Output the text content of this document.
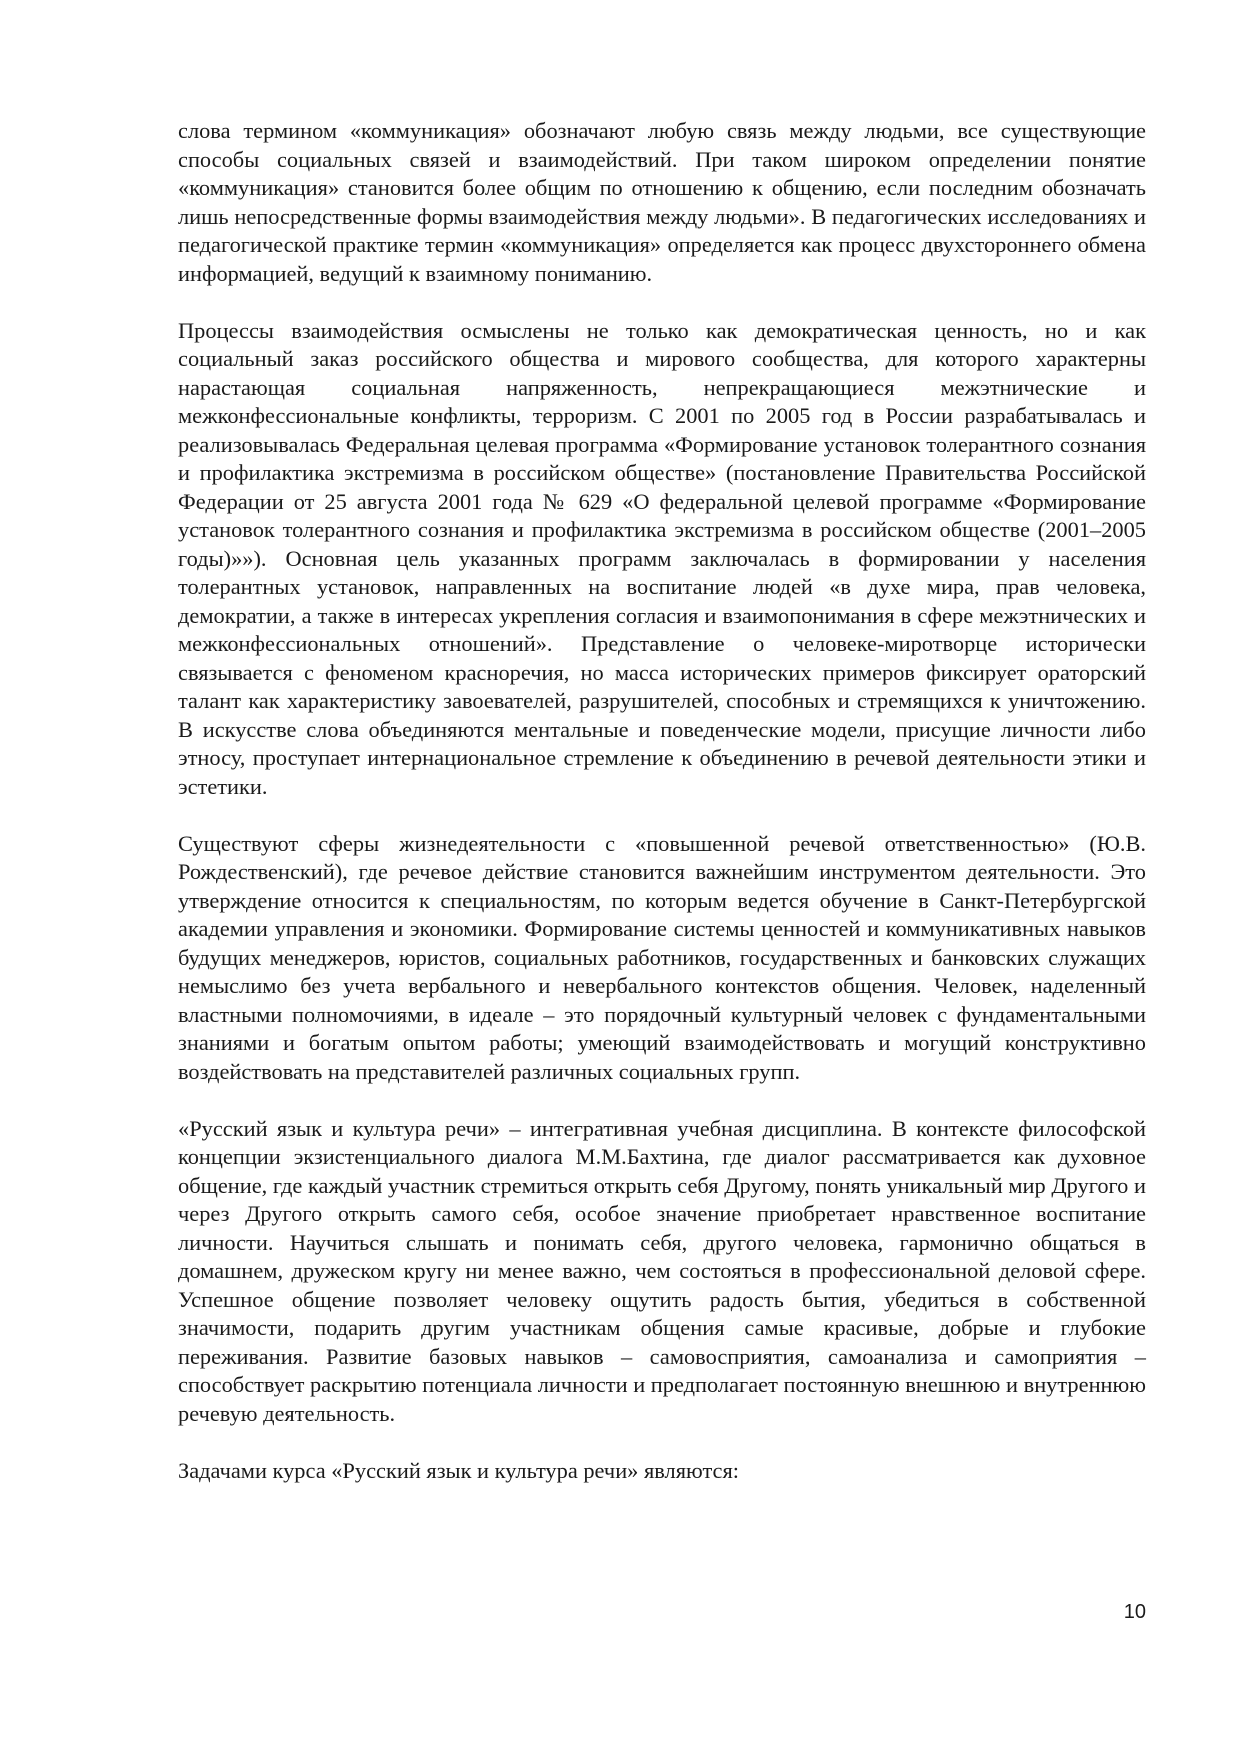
слова термином «коммуникация» обозначают любую связь между людьми, все существующие способы социальных связей и взаимодействий. При таком широком определении понятие «коммуникация» становится более общим по отношению к общению, если последним обозначать лишь непосредственные формы взаимодействия между людьми». В педагогических исследованиях и педагогической практике термин «коммуникация» определяется как процесс двухстороннего обмена информацией, ведущий к взаимному пониманию.

Процессы взаимодействия осмыслены не только как демократическая ценность, но и как социальный заказ российского общества и мирового сообщества, для которого характерны нарастающая социальная напряженность, непрекращающиеся межэтнические и межконфессиональные конфликты, терроризм. С 2001 по 2005 год в России разрабатывалась и реализовывалась Федеральная целевая программа «Формирование установок толерантного сознания и профилактика экстремизма в российском обществе» (постановление Правительства Российской Федерации от 25 августа 2001 года № 629 «О федеральной целевой программе «Формирование установок толерантного сознания и профилактика экстремизма в российском обществе (2001–2005 годы)»»). Основная цель указанных программ заключалась в формировании у населения толерантных установок, направленных на воспитание людей «в духе мира, прав человека, демократии, а также в интересах укрепления согласия и взаимопонимания в сфере межэтнических и межконфессиональных отношений». Представление о человеке-миротворце исторически связывается с феноменом красноречия, но масса исторических примеров фиксирует ораторский талант как характеристику завоевателей, разрушителей, способных и стремящихся к уничтожению. В искусстве слова объединяются ментальные и поведенческие модели, присущие личности либо этносу, проступает интернациональное стремление к объединению в речевой деятельности этики и эстетики.

Существуют сферы жизнедеятельности с «повышенной речевой ответственностью» (Ю.В. Рождественский), где речевое действие становится важнейшим инструментом деятельности. Это утверждение относится к специальностям, по которым ведется обучение в Санкт-Петербургской академии управления и экономики. Формирование системы ценностей и коммуникативных навыков будущих менеджеров, юристов, социальных работников, государственных и банковских служащих немыслимо без учета вербального и невербального контекстов общения. Человек, наделенный властными полномочиями, в идеале – это порядочный культурный человек с фундаментальными знаниями и богатым опытом работы; умеющий взаимодействовать и могущий конструктивно воздействовать на представителей различных социальных групп.

«Русский язык и культура речи» – интегративная учебная дисциплина. В контексте философской концепции экзистенциального диалога М.М.Бахтина, где диалог рассматривается как духовное общение, где каждый участник стремиться открыть себя Другому, понять уникальный мир Другого и через Другого открыть самого себя, особое значение приобретает нравственное воспитание личности. Научиться слышать и понимать себя, другого человека, гармонично общаться в домашнем, дружеском кругу ни менее важно, чем состояться в профессиональной деловой сфере. Успешное общение позволяет человеку ощутить радость бытия, убедиться в собственной значимости, подарить другим участникам общения самые красивые, добрые и глубокие переживания. Развитие базовых навыков – самовосприятия, самоанализа и самоприятия – способствует раскрытию потенциала личности и предполагает постоянную внешнюю и внутреннюю речевую деятельность.

Задачами курса «Русский язык и культура речи» являются:

10
